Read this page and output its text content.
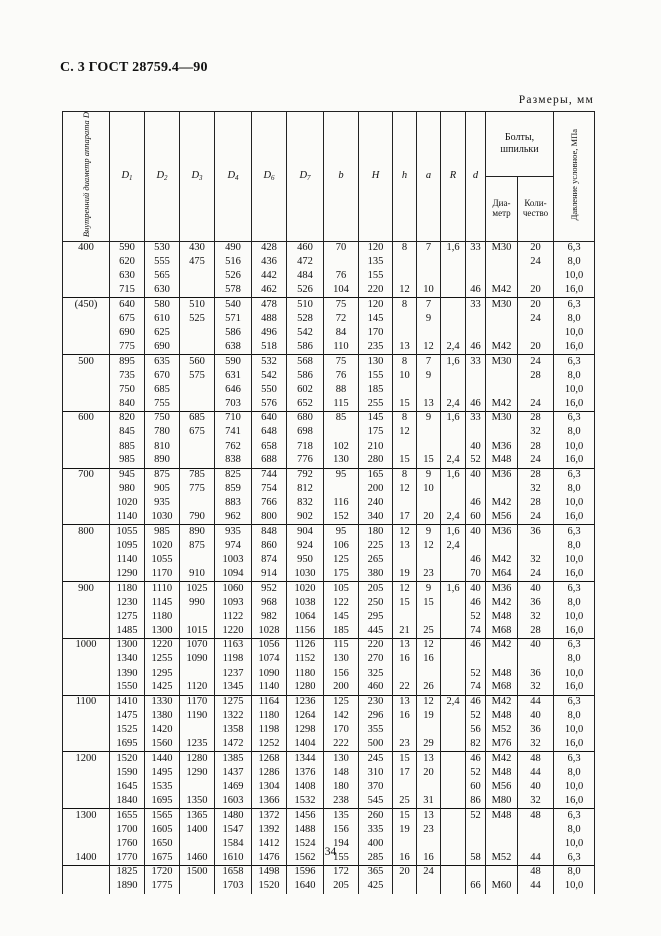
С. 3 ГОСТ 28759.4—90
Размеры, мм
Внутренний диаметр аппарата D	$D_1$	$D_2$	$D_3$	$D_4$	$D_6$	$D_7$	b	H	h	a	R	d	Болты, шпильки		Давление условное, МПа

													Диа- метр	Коли- чество	

400	590	530	430	490	428	460	70	120	8	7	1,6	33	M30	20	6,3
	620	555	475	516	436	472		135						24	8,0
	630	565		526	442	484	76	155							10,0
	715	630		578	462	526	104	220	12	10		46	M42	20	16,0
(450)	640	580	510	540	478	510	75	120	8	7		33	M30	20	6,3
	675	610	525	571	488	528	72	145		9				24	8,0
	690	625		586	496	542	84	170							10,0
	775	690		638	518	586	110	235	13	12	2,4	46	M42	20	16,0
500	895	635	560	590	532	568	75	130	8	7	1,6	33	M30	24	6,3
	735	670	575	631	542	586	76	155	10	9				28	8,0
	750	685		646	550	602	88	185							10,0
	840	755		703	576	652	115	255	15	13	2,4	46	M42	24	16,0
600	820	750	685	710	640	680	85	145	8	9	1,6	33	M30	28	6,3
	845	780	675	741	648	698		175	12					32	8,0
	885	810		762	658	718	102	210				40	M36	28	10,0
	985	890		838	688	776	130	280	15	15	2,4	52	M48	24	16,0
700	945	875	785	825	744	792	95	165	8	9	1,6	40	M36	28	6,3
	980	905	775	859	754	812		200	12	10				32	8,0
	1020	935		883	766	832	116	240				46	M42	28	10,0
	1140	1030	790	962	800	902	152	340	17	20	2,4	60	M56	24	16,0
800	1055	985	890	935	848	904	95	180	12	9	1,6	40	M36	36	6,3
	1095	1020	875	974	860	924	106	225	13	12	2,4				8,0
	1140	1055		1003	874	950	125	265				46	M42	32	10,0
	1290	1170	910	1094	914	1030	175	380	19	23		70	M64	24	16,0
900	1180	1110	1025	1060	952	1020	105	205	12	9	1,6	40	M36	40	6,3
	1230	1145	990	1093	968	1038	122	250	15	15		46	M42	36	8,0
	1275	1180		1122	982	1064	145	295				52	M48	32	10,0
	1485	1300	1015	1220	1028	1156	185	445	21	25		74	M68	28	16,0
1000	1300	1220	1070	1163	1056	1126	115	220	13	12		46	M42	40	6,3
	1340	1255	1090	1198	1074	1152	130	270	16	16					8,0
	1390	1295		1237	1090	1180	156	325				52	M48	36	10,0
	1550	1425	1120	1345	1140	1280	200	460	22	26		74	M68	32	16,0
1100	1410	1330	1170	1275	1164	1236	125	230	13	12	2,4	46	M42	44	6,3
	1475	1380	1190	1322	1180	1264	142	296	16	19		52	M48	40	8,0
	1525	1420		1358	1198	1298	170	355				56	M52	36	10,0
	1695	1560	1235	1472	1252	1404	222	500	23	29		82	M76	32	16,0
1200	1520	1440	1280	1385	1268	1344	130	245	15	13		46	M42	48	6,3
	1590	1495	1290	1437	1286	1376	148	310	17	20		52	M48	44	8,0
	1645	1535		1469	1304	1408	180	370				60	M56	40	10,0
	1840	1695	1350	1603	1366	1532	238	545	25	31		86	M80	32	16,0
1300	1655	1565	1365	1480	1372	1456	135	260	15	13		52	M48	48	6,3
	1700	1605	1400	1547	1392	1488	156	335	19	23					8,0
	1760	1650		1584	1412	1524	194	400							10,0
1400	1770	1675	1460	1610	1476	1562	155	285	16	16		58	M52	44	6,3
	1825	1720	1500	1658	1498	1596	172	365	20	24				48	8,0
	1890	1775		1703	1520	1640	205	425				66	M60	44	10,0
34
